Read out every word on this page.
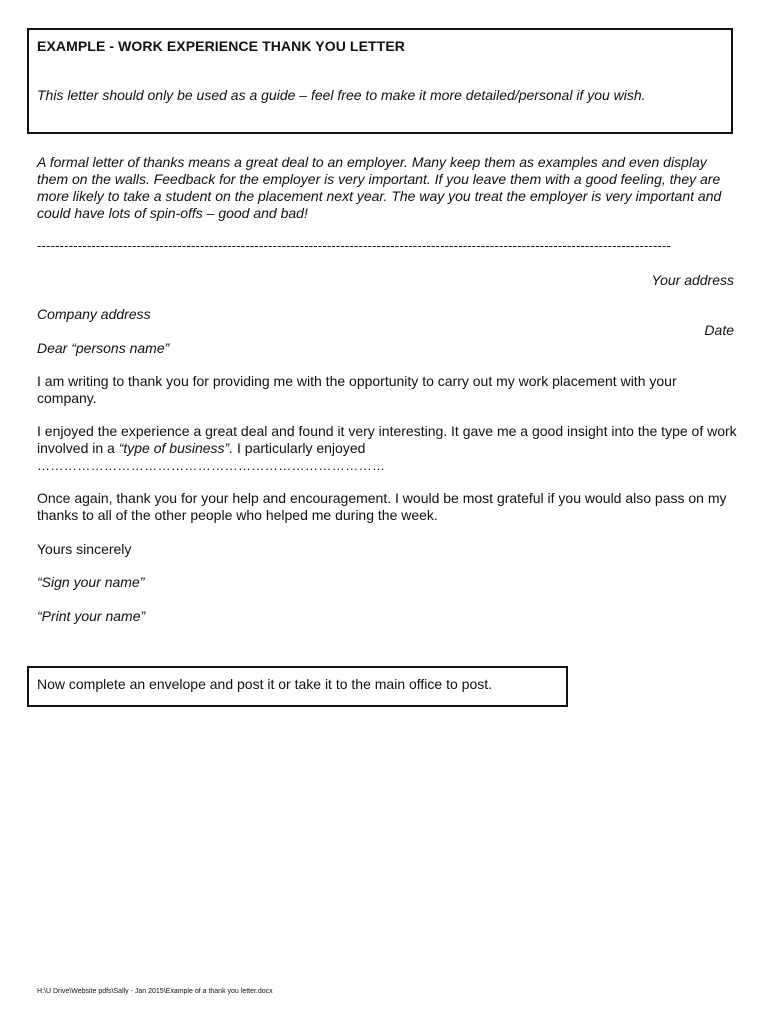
EXAMPLE - WORK EXPERIENCE THANK YOU LETTER
This letter should only be used as a guide – feel free to make it more detailed/personal if you wish.
A formal letter of thanks means a great deal to an employer. Many keep them as examples and even display them on the walls. Feedback for the employer is very important. If you leave them with a good feeling, they are more likely to take a student on the placement next year. The way you treat the employer is very important and could have lots of spin-offs – good and bad!
--------------------------------------------------------------------------------------------------------------------------------------------
Your address
Company address
Date
Dear “persons name”
I am writing to thank you for providing me with the opportunity to carry out my work placement with your company.
I enjoyed the experience a great deal and found it very interesting. It gave me a good insight into the type of work involved in a “type of business”. I particularly enjoyed
……………………………………………………………………
Once again, thank you for your help and encouragement. I would be most grateful if you would also pass on my thanks to all of the other people who helped me during the week.
Yours sincerely
“Sign your name”
“Print your name”
Now complete an envelope and post it or take it to the main office to post.
H:\U Drive\Website pdfs\Sally - Jan 2015\Example of a thank you letter.docx
